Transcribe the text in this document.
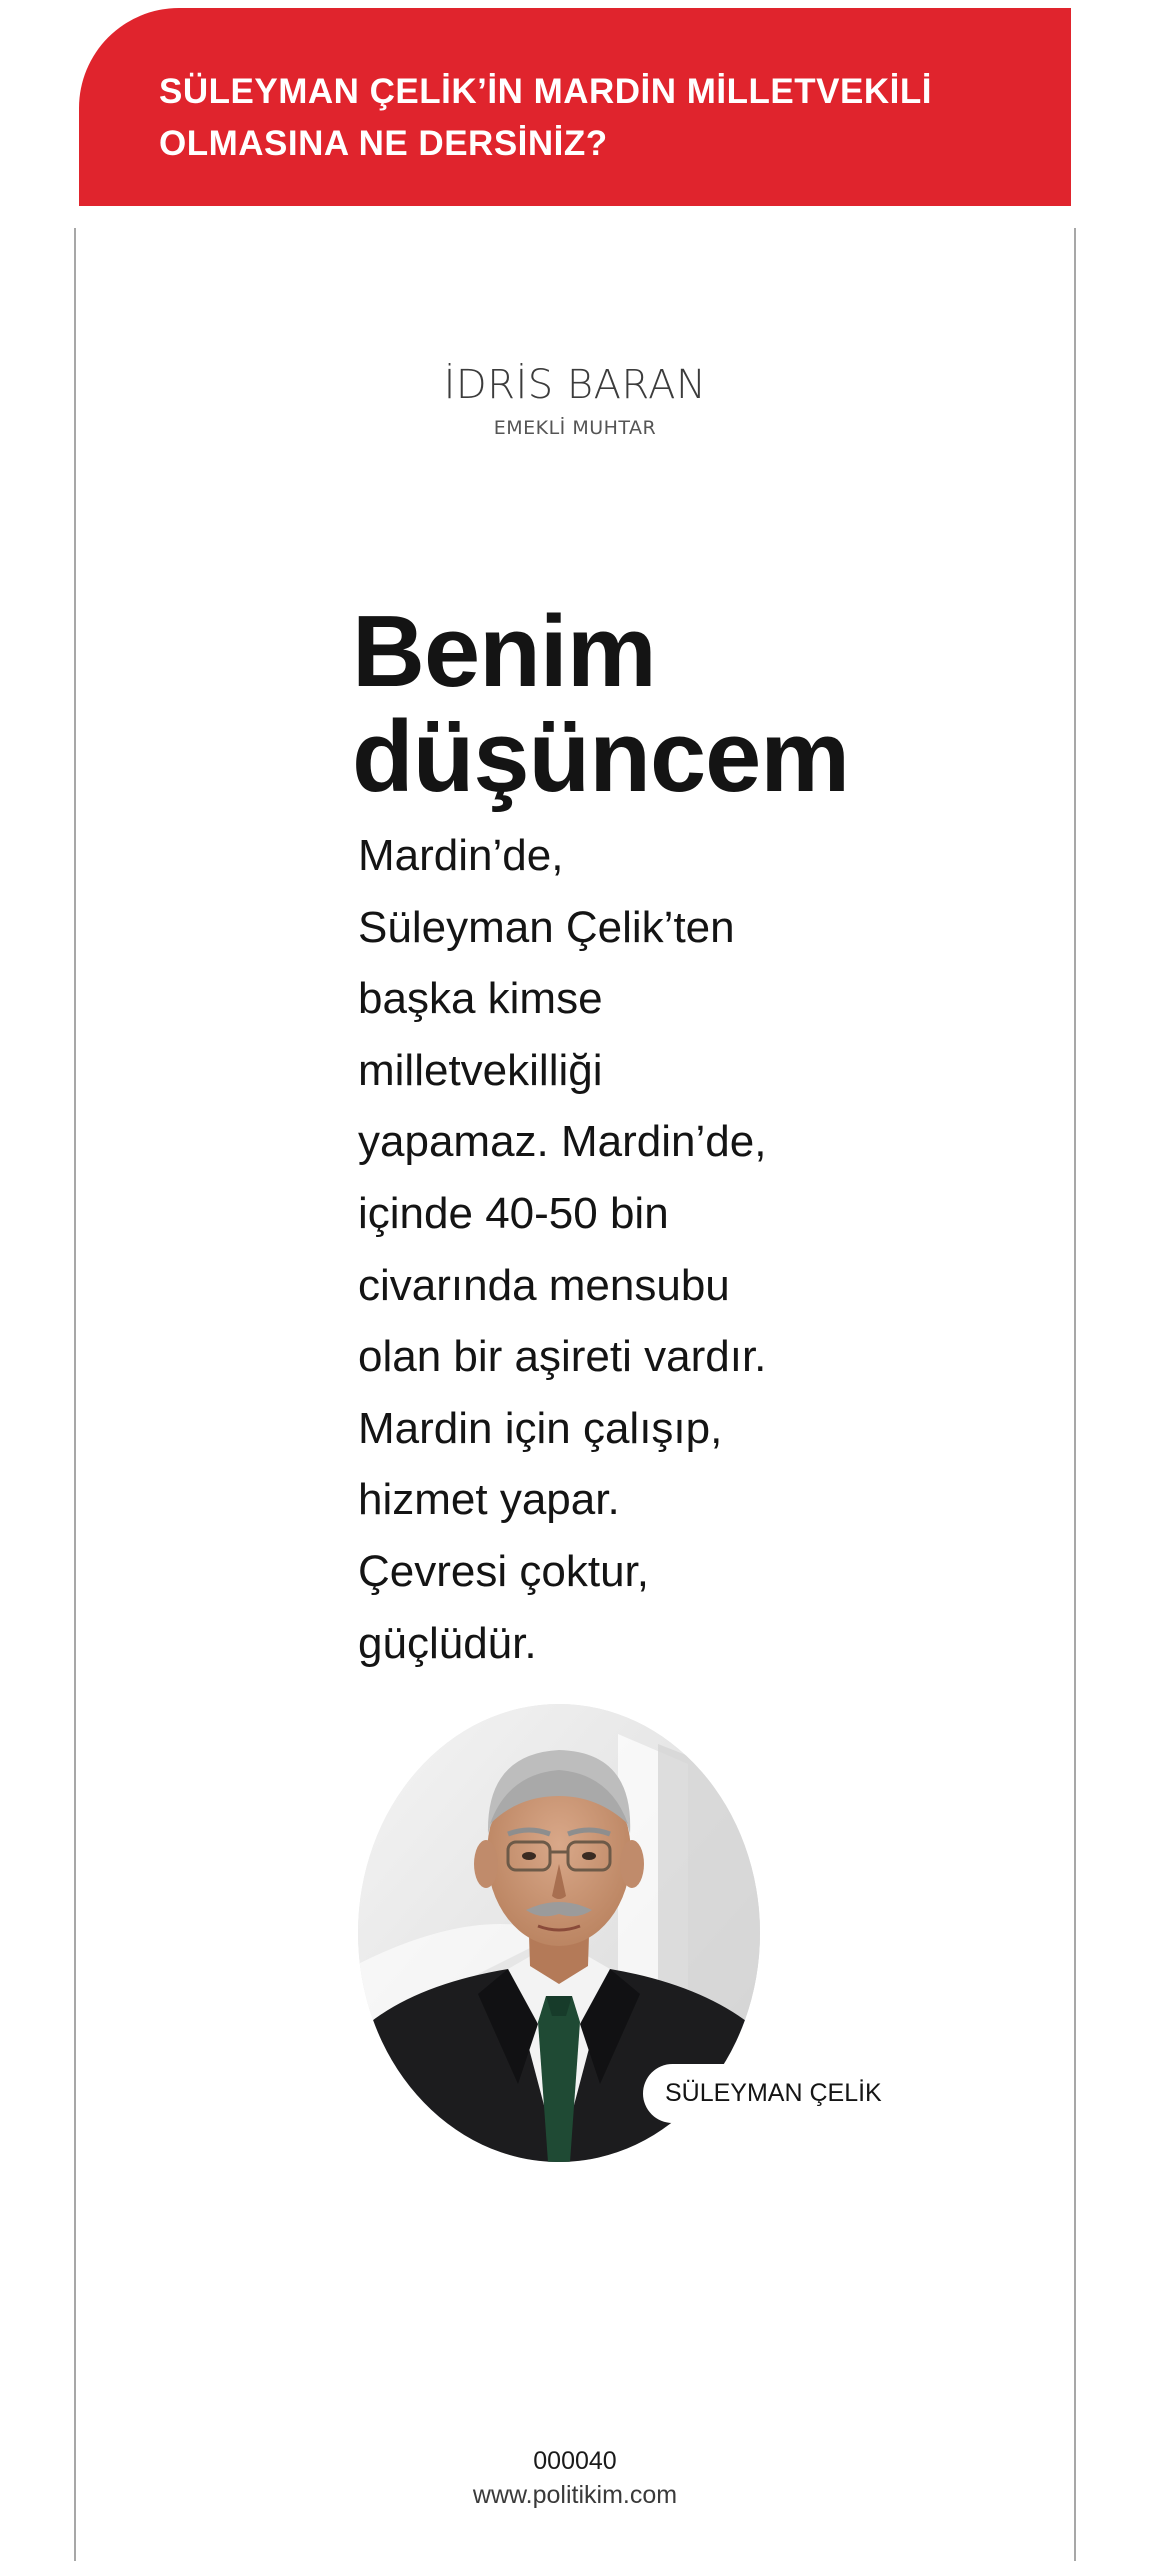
SÜLEYMAN ÇELİK’İN MARDİN MİLLETVEKİLİ OLMASINA NE DERSİNİZ?
İDRİS BARAN
EMEKLİ MUHTAR
Benim
düşüncem
Mardin’de,
Süleyman Çelik’ten
başka kimse
milletvekilliği
yapamaz. Mardin’de,
içinde 40-50 bin
civarında mensubu
olan bir aşireti vardır.
Mardin için çalışıp,
hizmet yapar.
Çevresi çoktur,
güçlüdür.
SÜLEYMAN ÇELİK
000040
www.politikim.com
